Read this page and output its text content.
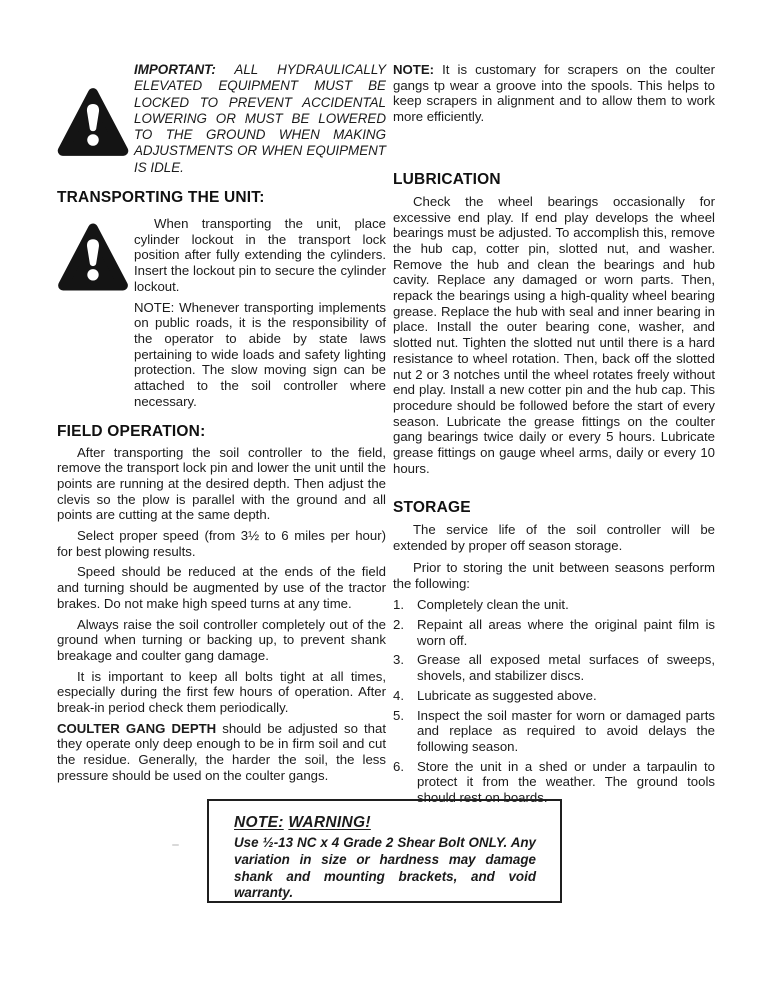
IMPORTANT: ALL HYDRAULICALLY ELEVATED EQUIPMENT MUST BE LOCKED TO PREVENT ACCIDENTAL LOWERING OR MUST BE LOWERED TO THE GROUND WHEN MAKING ADJUSTMENTS OR WHEN EQUIPMENT IS IDLE.
TRANSPORTING THE UNIT:

When transporting the unit, place cylinder lockout in the transport lock position after fully extending the cylinders. Insert the lockout pin to secure the cylinder lockout.

NOTE: Whenever transporting implements on public roads, it is the responsibility of the operator to abide by state laws pertaining to wide loads and safety lighting protection. The slow moving sign can be attached to the soil controller where necessary.

FIELD OPERATION:

After transporting the soil controller to the field, remove the transport lock pin and lower the unit until the points are running at the desired depth. Then adjust the clevis so the plow is parallel with the ground and all points are cutting at the same depth.

Select proper speed (from 3½ to 6 miles per hour) for best plowing results.

Speed should be reduced at the ends of the field and turning should be augmented by use of the tractor brakes. Do not make high speed turns at any time.

Always raise the soil controller completely out of the ground when turning or backing up, to prevent shank breakage and coulter gang damage.

It is important to keep all bolts tight at all times, especially during the first few hours of operation. After break-in period check them periodically.

COULTER GANG DEPTH should be adjusted so that they operate only deep enough to be in firm soil and cut the residue. Generally, the harder the soil, the less pressure should be used on the coulter gangs.

NOTE: It is customary for scrapers on the coulter gangs tp wear a groove into the spools. This helps to keep scrapers in alignment and to allow them to work more efficiently.

LUBRICATION

Check the wheel bearings occasionally for excessive end play. If end play develops the wheel bearings must be adjusted. To accomplish this, remove the hub cap, cotter pin, slotted nut, and washer. Remove the hub and clean the bearings and hub cavity. Replace any damaged or worn parts. Then, repack the bearings using a high-quality wheel bearing grease. Replace the hub with seal and inner bearing in place. Install the outer bearing cone, washer, and slotted nut. Tighten the slotted nut until there is a hard resistance to wheel rotation. Then, back off the slotted nut 2 or 3 notches until the wheel rotates freely without end play. Install a new cotter pin and the hub cap. This procedure should be followed before the start of every season. Lubricate the grease fittings on the coulter gang bearings twice daily or every 5 hours. Lubricate grease fittings on gauge wheel arms, daily or every 10 hours.

STORAGE

The service life of the soil controller will be extended by proper off season storage.

Prior to storing the unit between seasons perform the following:

1. Completely clean the unit.
2. Repaint all areas where the original paint film is worn off.
3. Grease all exposed metal surfaces of sweeps, shovels, and stabilizer discs.
4. Lubricate as suggested above.
5. Inspect the soil master for worn or damaged parts and replace as required to avoid delays the following season.
6. Store the unit in a shed or under a tarpaulin to protect it from the weather. The ground tools should rest on boards.
NOTE: WARNING!
Use ½-13 NC x 4 Grade 2 Shear Bolt ONLY. Any variation in size or hardness may damage shank and mounting brackets, and void warranty.
